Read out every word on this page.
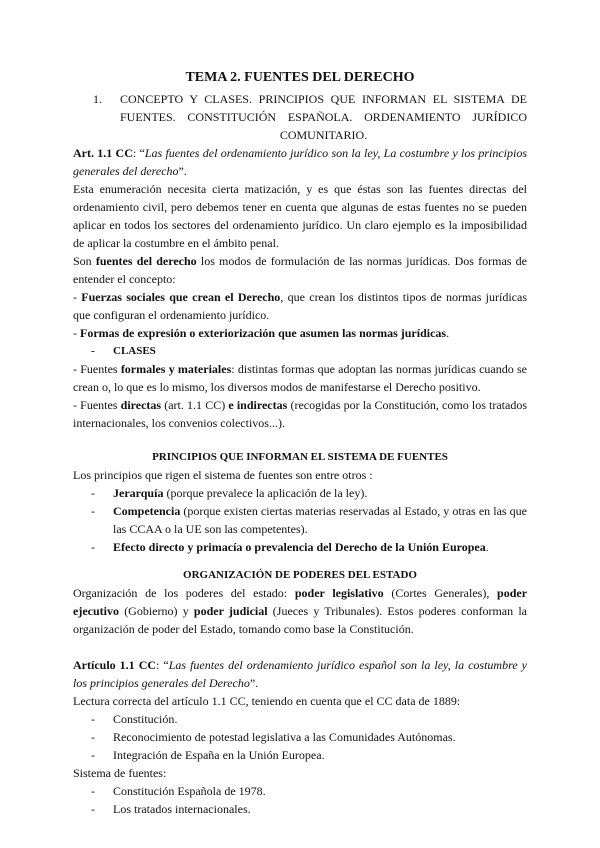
TEMA 2. FUENTES DEL DERECHO
1.	CONCEPTO Y CLASES. PRINCIPIOS QUE INFORMAN EL SISTEMA DE FUENTES. CONSTITUCIÓN ESPAÑOLA. ORDENAMIENTO JURÍDICO COMUNITARIO.

Art. 1.1 CC: “Las fuentes del ordenamiento jurídico son la ley, La costumbre y los principios generales del derecho”.

Esta enumeración necesita cierta matización, y es que éstas son las fuentes directas del ordenamiento civil, pero debemos tener en cuenta que algunas de estas fuentes no se pueden aplicar en todos los sectores del ordenamiento jurídico. Un claro ejemplo es la imposibilidad de aplicar la costumbre en el ámbito penal.

Son fuentes del derecho los modos de formulación de las normas jurídicas. Dos formas de entender el concepto:

- Fuerzas sociales que crean el Derecho, que crean los distintos tipos de normas jurídicas que configuran el ordenamiento jurídico.

- Formas de expresión o exteriorización que asumen las normas jurídicas.

- CLASES

- Fuentes formales y materiales: distintas formas que adoptan las normas jurídicas cuando se crean o, lo que es lo mismo, los diversos modos de manifestarse el Derecho positivo.

- Fuentes directas (art. 1.1 CC) e indirectas (recogidas por la Constitución, como los tratados internacionales, los convenios colectivos...).

PRINCIPIOS QUE INFORMAN EL SISTEMA DE FUENTES

Los principios que rigen el sistema de fuentes son entre otros :

-	Jerarquía (porque prevalece la aplicación de la ley).
-	Competencia (porque existen ciertas materias reservadas al Estado, y otras en las que las CCAA o la UE son las competentes).
-	Efecto directo y primacía o prevalencia del Derecho de la Unión Europea.
ORGANIZACIÓN DE PODERES DEL ESTADO

Organización de los poderes del estado: poder legislativo (Cortes Generales), poder ejecutivo (Gobierno) y poder judicial (Jueces y Tribunales). Estos poderes conforman la organización de poder del Estado, tomando como base la Constitución.

Artículo 1.1 CC: “Las fuentes del ordenamiento jurídico español son la ley, la costumbre y los principios generales del Derecho”.

Lectura correcta del artículo 1.1 CC, teniendo en cuenta que el CC data de 1889:

-	Constitución.
-	Reconocimiento de potestad legislativa a las Comunidades Autónomas.
-	Integración de España en la Unión Europea.

Sistema de fuentes:

-	Constitución Española de 1978.
-	Los tratados internacionales.
